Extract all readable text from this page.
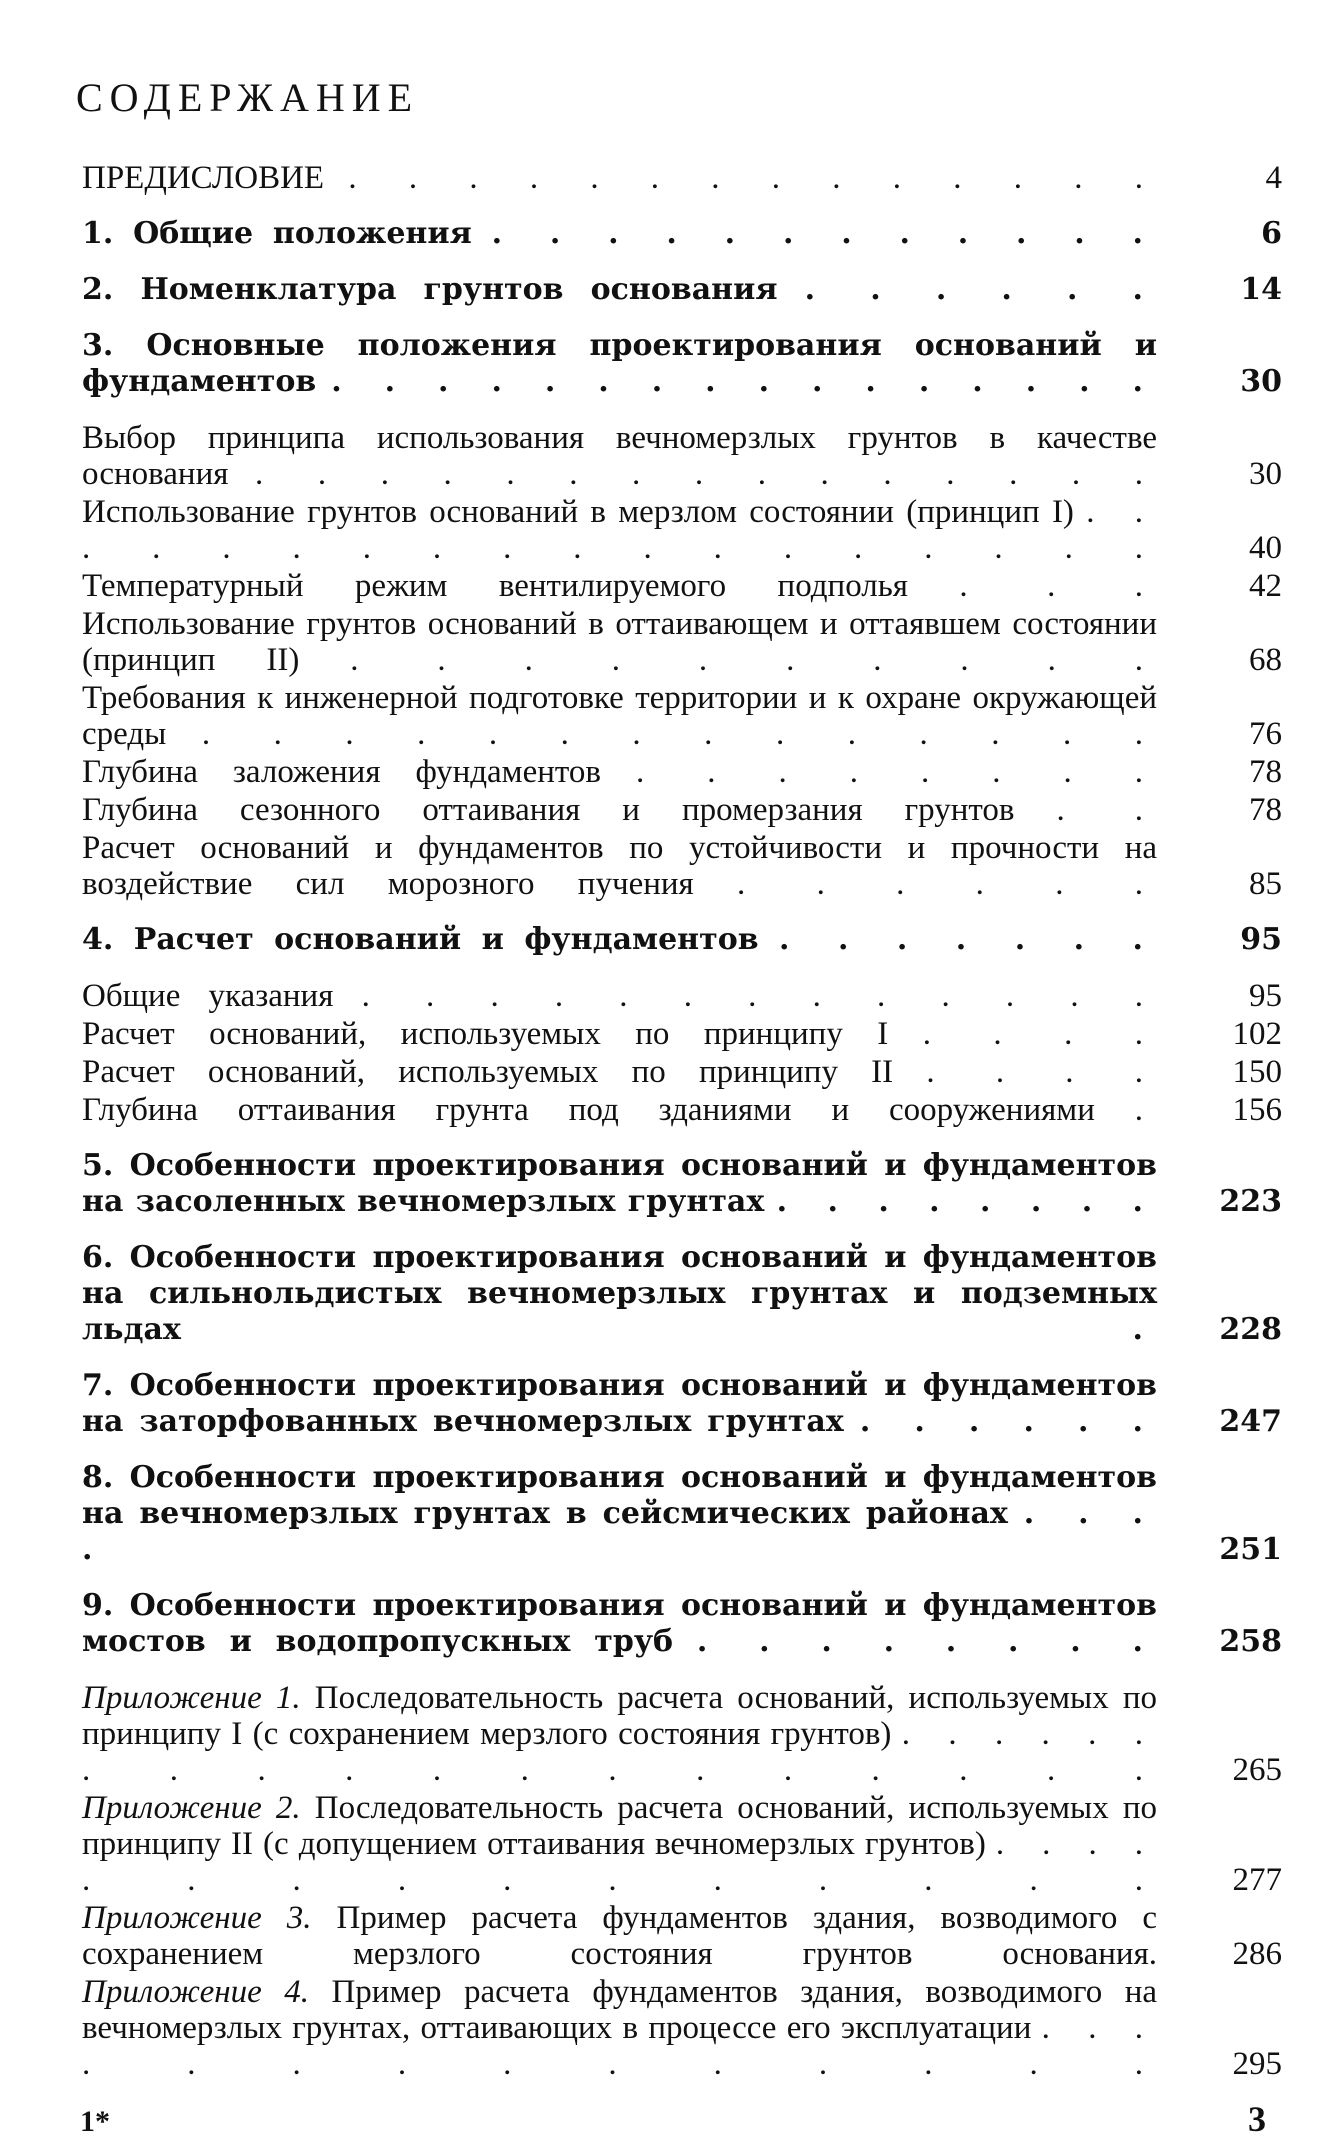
СОДЕРЖАНИЕ
ПРЕДИСЛОВИЕ . . . . . . . . . . . . . .	4
1. Общие положения . . . . . . . . . . . .	6
2. Номенклатура грунтов основания . . . . . .	14
3. Основные положения проектирования оснований и фундаментов . . . . . . . . . . . . . . . .	30
Выбор принципа использования вечномерзлых грунтов в качестве основания . . . . . . . . . . . . . . .	30
Использование грунтов оснований в мерзлом состоянии (принцип I) . . . . . . . . . . . . . . . . . .	40
Температурный режим вентилируемого подполья . . .	42
Использование грунтов оснований в оттаивающем и оттаявшем состоянии (принцип II) . . . . . . . . . .	68
Требования к инженерной подготовке территории и к охране окружающей среды . . . . . . . . . . . . . .	76
Глубина заложения фундаментов . . . . . . . .	78
Глубина сезонного оттаивания и промерзания грунтов . .	78
Расчет оснований и фундаментов по устойчивости и прочности на воздействие сил морозного пучения . . . . . .	85
4. Расчет оснований и фундаментов . . . . . . .	95
Общие указания . . . . . . . . . . . . .	95
Расчет оснований, используемых по принципу I . . . .	102
Расчет оснований, используемых по принципу II . . . .	150
Глубина оттаивания грунта под зданиями и сооружениями .	156
5. Особенности проектирования оснований и фундаментов на засоленных вечномерзлых грунтах . . . . . . . .	223
6. Особенности проектирования оснований и фундаментов на сильнольдистых вечномерзлых грунтах и подземных льдах .	228
7. Особенности проектирования оснований и фундаментов на заторфованных вечномерзлых грунтах . . . . . .	247
8. Особенности проектирования оснований и фундаментов на вечномерзлых грунтах в сейсмических районах . . . .	251
9. Особенности проектирования оснований и фундаментов мостов и водопропускных труб . . . . . . . .	258
Приложение 1. Последовательность расчета оснований, используемых по принципу I (с сохранением мерзлого состояния грунтов) . . . . . . . . . . . . . . . . . . .	265
Приложение 2. Последовательность расчета оснований, используемых по принципу II (с допущением оттаивания вечномерзлых грунтов) . . . . . . . . . . . . . . .	277
Приложение 3. Пример расчета фундаментов здания, возводимого с сохранением мерзлого состояния грунтов основания.	286
Приложение 4. Пример расчета фундаментов здания, возводимого на вечномерзлых грунтах, оттаивающих в процессе его эксплуатации . . . . . . . . . . . . . .	295
1*	3
